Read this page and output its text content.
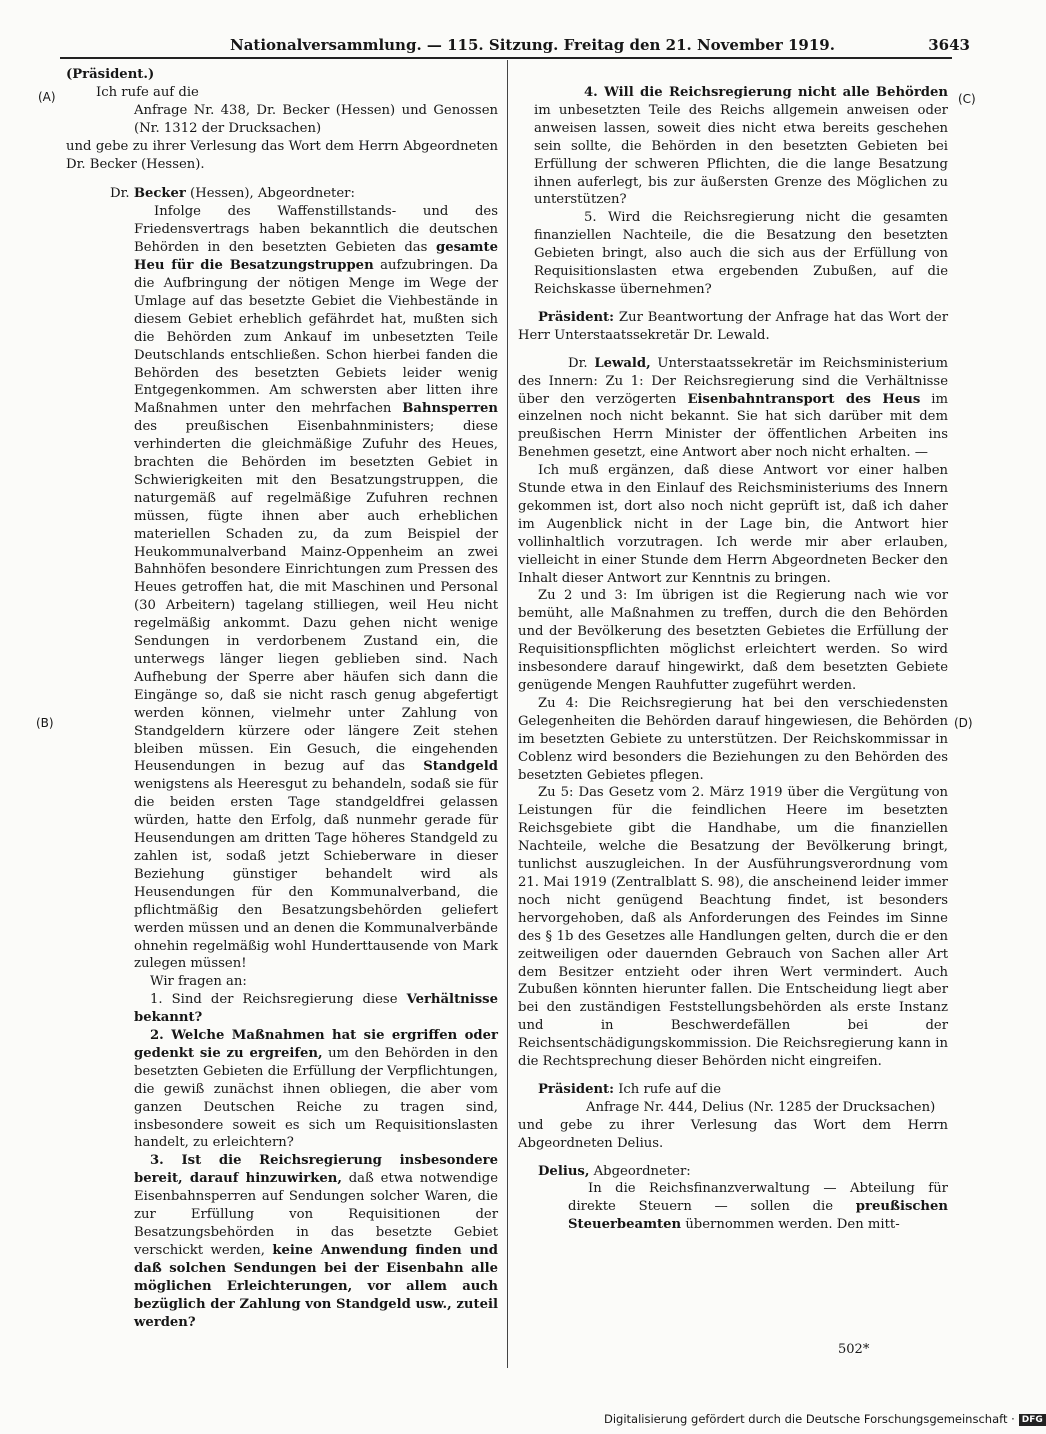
Nationalversammlung. — 115. Sitzung. Freitag den 21. November 1919.	3643
(A)
(B)
(C)
(D)

(Präsident.)

Ich rufe auf die

Anfrage Nr. 438, Dr. Becker (Hessen) und Genossen (Nr. 1312 der Drucksachen)

und gebe zu ihrer Verlesung das Wort dem Herrn Abgeordneten Dr. Becker (Hessen).

Dr. Becker (Hessen), Abgeordneter:

Infolge des Waffenstillstands- und des Friedensvertrags haben bekanntlich die deutschen Behörden in den besetzten Gebieten das gesamte Heu für die Besatzungstruppen aufzubringen. Da die Aufbringung der nötigen Menge im Wege der Umlage auf das besetzte Gebiet die Viehbestände in diesem Gebiet erheblich gefährdet hat, mußten sich die Behörden zum Ankauf im unbesetzten Teile Deutschlands entschließen. Schon hierbei fanden die Behörden des besetzten Gebiets leider wenig Entgegenkommen. Am schwersten aber litten ihre Maßnahmen unter den mehrfachen Bahnsperren des preußischen Eisenbahnministers; diese verhinderten die gleichmäßige Zufuhr des Heues, brachten die Behörden im besetzten Gebiet in Schwierigkeiten mit den Besatzungstruppen, die naturgemäß auf regelmäßige Zufuhren rechnen müssen, fügte ihnen aber auch erheblichen materiellen Schaden zu, da zum Beispiel der Heukommunalverband Mainz-Oppenheim an zwei Bahnhöfen besondere Einrichtungen zum Pressen des Heues getroffen hat, die mit Maschinen und Personal (30 Arbeitern) tagelang stilliegen, weil Heu nicht regelmäßig ankommt. Dazu gehen nicht wenige Sendungen in verdorbenem Zustand ein, die unterwegs länger liegen geblieben sind. Nach Aufhebung der Sperre aber häufen sich dann die Eingänge so, daß sie nicht rasch genug abgefertigt werden können, vielmehr unter Zahlung von Standgeldern kürzere oder längere Zeit stehen bleiben müssen. Ein Gesuch, die eingehenden Heusendungen in bezug auf das Standgeld wenigstens als Heeresgut zu behandeln, sodaß sie für die beiden ersten Tage standgeldfrei gelassen würden, hatte den Erfolg, daß nunmehr gerade für Heusendungen am dritten Tage höheres Standgeld zu zahlen ist, sodaß jetzt Schieberware in dieser Beziehung günstiger behandelt wird als Heusendungen für den Kommunalverband, die pflichtmäßig den Besatzungsbehörden geliefert werden müssen und an denen die Kommunalverbände ohnehin regelmäßig wohl Hunderttausende von Mark zulegen müssen!

Wir fragen an:

1. Sind der Reichsregierung diese Verhältnisse bekannt?

2. Welche Maßnahmen hat sie ergriffen oder gedenkt sie zu ergreifen, um den Behörden in den besetzten Gebieten die Erfüllung der Verpflichtungen, die gewiß zunächst ihnen obliegen, die aber vom ganzen Deutschen Reiche zu tragen sind, insbesondere soweit es sich um Requisitionslasten handelt, zu erleichtern?

3. Ist die Reichsregierung insbesondere bereit, darauf hinzuwirken, daß etwa notwendige Eisenbahnsperren auf Sendungen solcher Waren, die zur Erfüllung von Requisitionen der Besatzungsbehörden in das besetzte Gebiet verschickt werden, keine Anwendung finden und daß solchen Sendungen bei der Eisenbahn alle möglichen Erleichterungen, vor allem auch bezüglich der Zahlung von Standgeld usw., zuteil werden?

4. Will die Reichsregierung nicht alle Behörden im unbesetzten Teile des Reichs allgemein anweisen oder anweisen lassen, soweit dies nicht etwa bereits geschehen sein sollte, die Behörden in den besetzten Gebieten bei Erfüllung der schweren Pflichten, die die lange Besatzung ihnen auferlegt, bis zur äußersten Grenze des Möglichen zu unterstützen?

5. Wird die Reichsregierung nicht die gesamten finanziellen Nachteile, die die Besatzung den besetzten Gebieten bringt, also auch die sich aus der Erfüllung von Requisitionslasten etwa ergebenden Zubußen, auf die Reichskasse übernehmen?

Präsident: Zur Beantwortung der Anfrage hat das Wort der Herr Unterstaatssekretär Dr. Lewald.

Dr. Lewald, Unterstaatssekretär im Reichsministerium des Innern: Zu 1: Der Reichsregierung sind die Verhältnisse über den verzögerten Eisenbahntransport des Heus im einzelnen noch nicht bekannt. Sie hat sich darüber mit dem preußischen Herrn Minister der öffentlichen Arbeiten ins Benehmen gesetzt, eine Antwort aber noch nicht erhalten. —

Ich muß ergänzen, daß diese Antwort vor einer halben Stunde etwa in den Einlauf des Reichsministeriums des Innern gekommen ist, dort also noch nicht geprüft ist, daß ich daher im Augenblick nicht in der Lage bin, die Antwort hier vollinhaltlich vorzutragen. Ich werde mir aber erlauben, vielleicht in einer Stunde dem Herrn Abgeordneten Becker den Inhalt dieser Antwort zur Kenntnis zu bringen.

Zu 2 und 3: Im übrigen ist die Regierung nach wie vor bemüht, alle Maßnahmen zu treffen, durch die den Behörden und der Bevölkerung des besetzten Gebietes die Erfüllung der Requisitionspflichten möglichst erleichtert werden. So wird insbesondere darauf hingewirkt, daß dem besetzten Gebiete genügende Mengen Rauhfutter zugeführt werden.

Zu 4: Die Reichsregierung hat bei den verschiedensten Gelegenheiten die Behörden darauf hingewiesen, die Behörden im besetzten Gebiete zu unterstützen. Der Reichskommissar in Coblenz wird besonders die Beziehungen zu den Behörden des besetzten Gebietes pflegen.

Zu 5: Das Gesetz vom 2. März 1919 über die Vergütung von Leistungen für die feindlichen Heere im besetzten Reichsgebiete gibt die Handhabe, um die finanziellen Nachteile, welche die Besatzung der Bevölkerung bringt, tunlichst auszugleichen. In der Ausführungsverordnung vom 21. Mai 1919 (Zentralblatt S. 98), die anscheinend leider immer noch nicht genügend Beachtung findet, ist besonders hervorgehoben, daß als Anforderungen des Feindes im Sinne des § 1b des Gesetzes alle Handlungen gelten, durch die er den zeitweiligen oder dauernden Gebrauch von Sachen aller Art dem Besitzer entzieht oder ihren Wert vermindert. Auch Zubußen könnten hierunter fallen. Die Entscheidung liegt aber bei den zuständigen Feststellungsbehörden als erste Instanz und in Beschwerdefällen bei der Reichsentschädigungskommission. Die Reichsregierung kann in die Rechtsprechung dieser Behörden nicht eingreifen.

Präsident: Ich rufe auf die

Anfrage Nr. 444, Delius (Nr. 1285 der Drucksachen)

und gebe zu ihrer Verlesung das Wort dem Herrn Abgeordneten Delius.

Delius, Abgeordneter:

In die Reichsfinanzverwaltung — Abteilung für direkte Steuern — sollen die preußischen Steuerbeamten übernommen werden. Den mitt-

502*
Digitalisierung gefördert durch die Deutsche Forschungsgemeinschaft · DFG
